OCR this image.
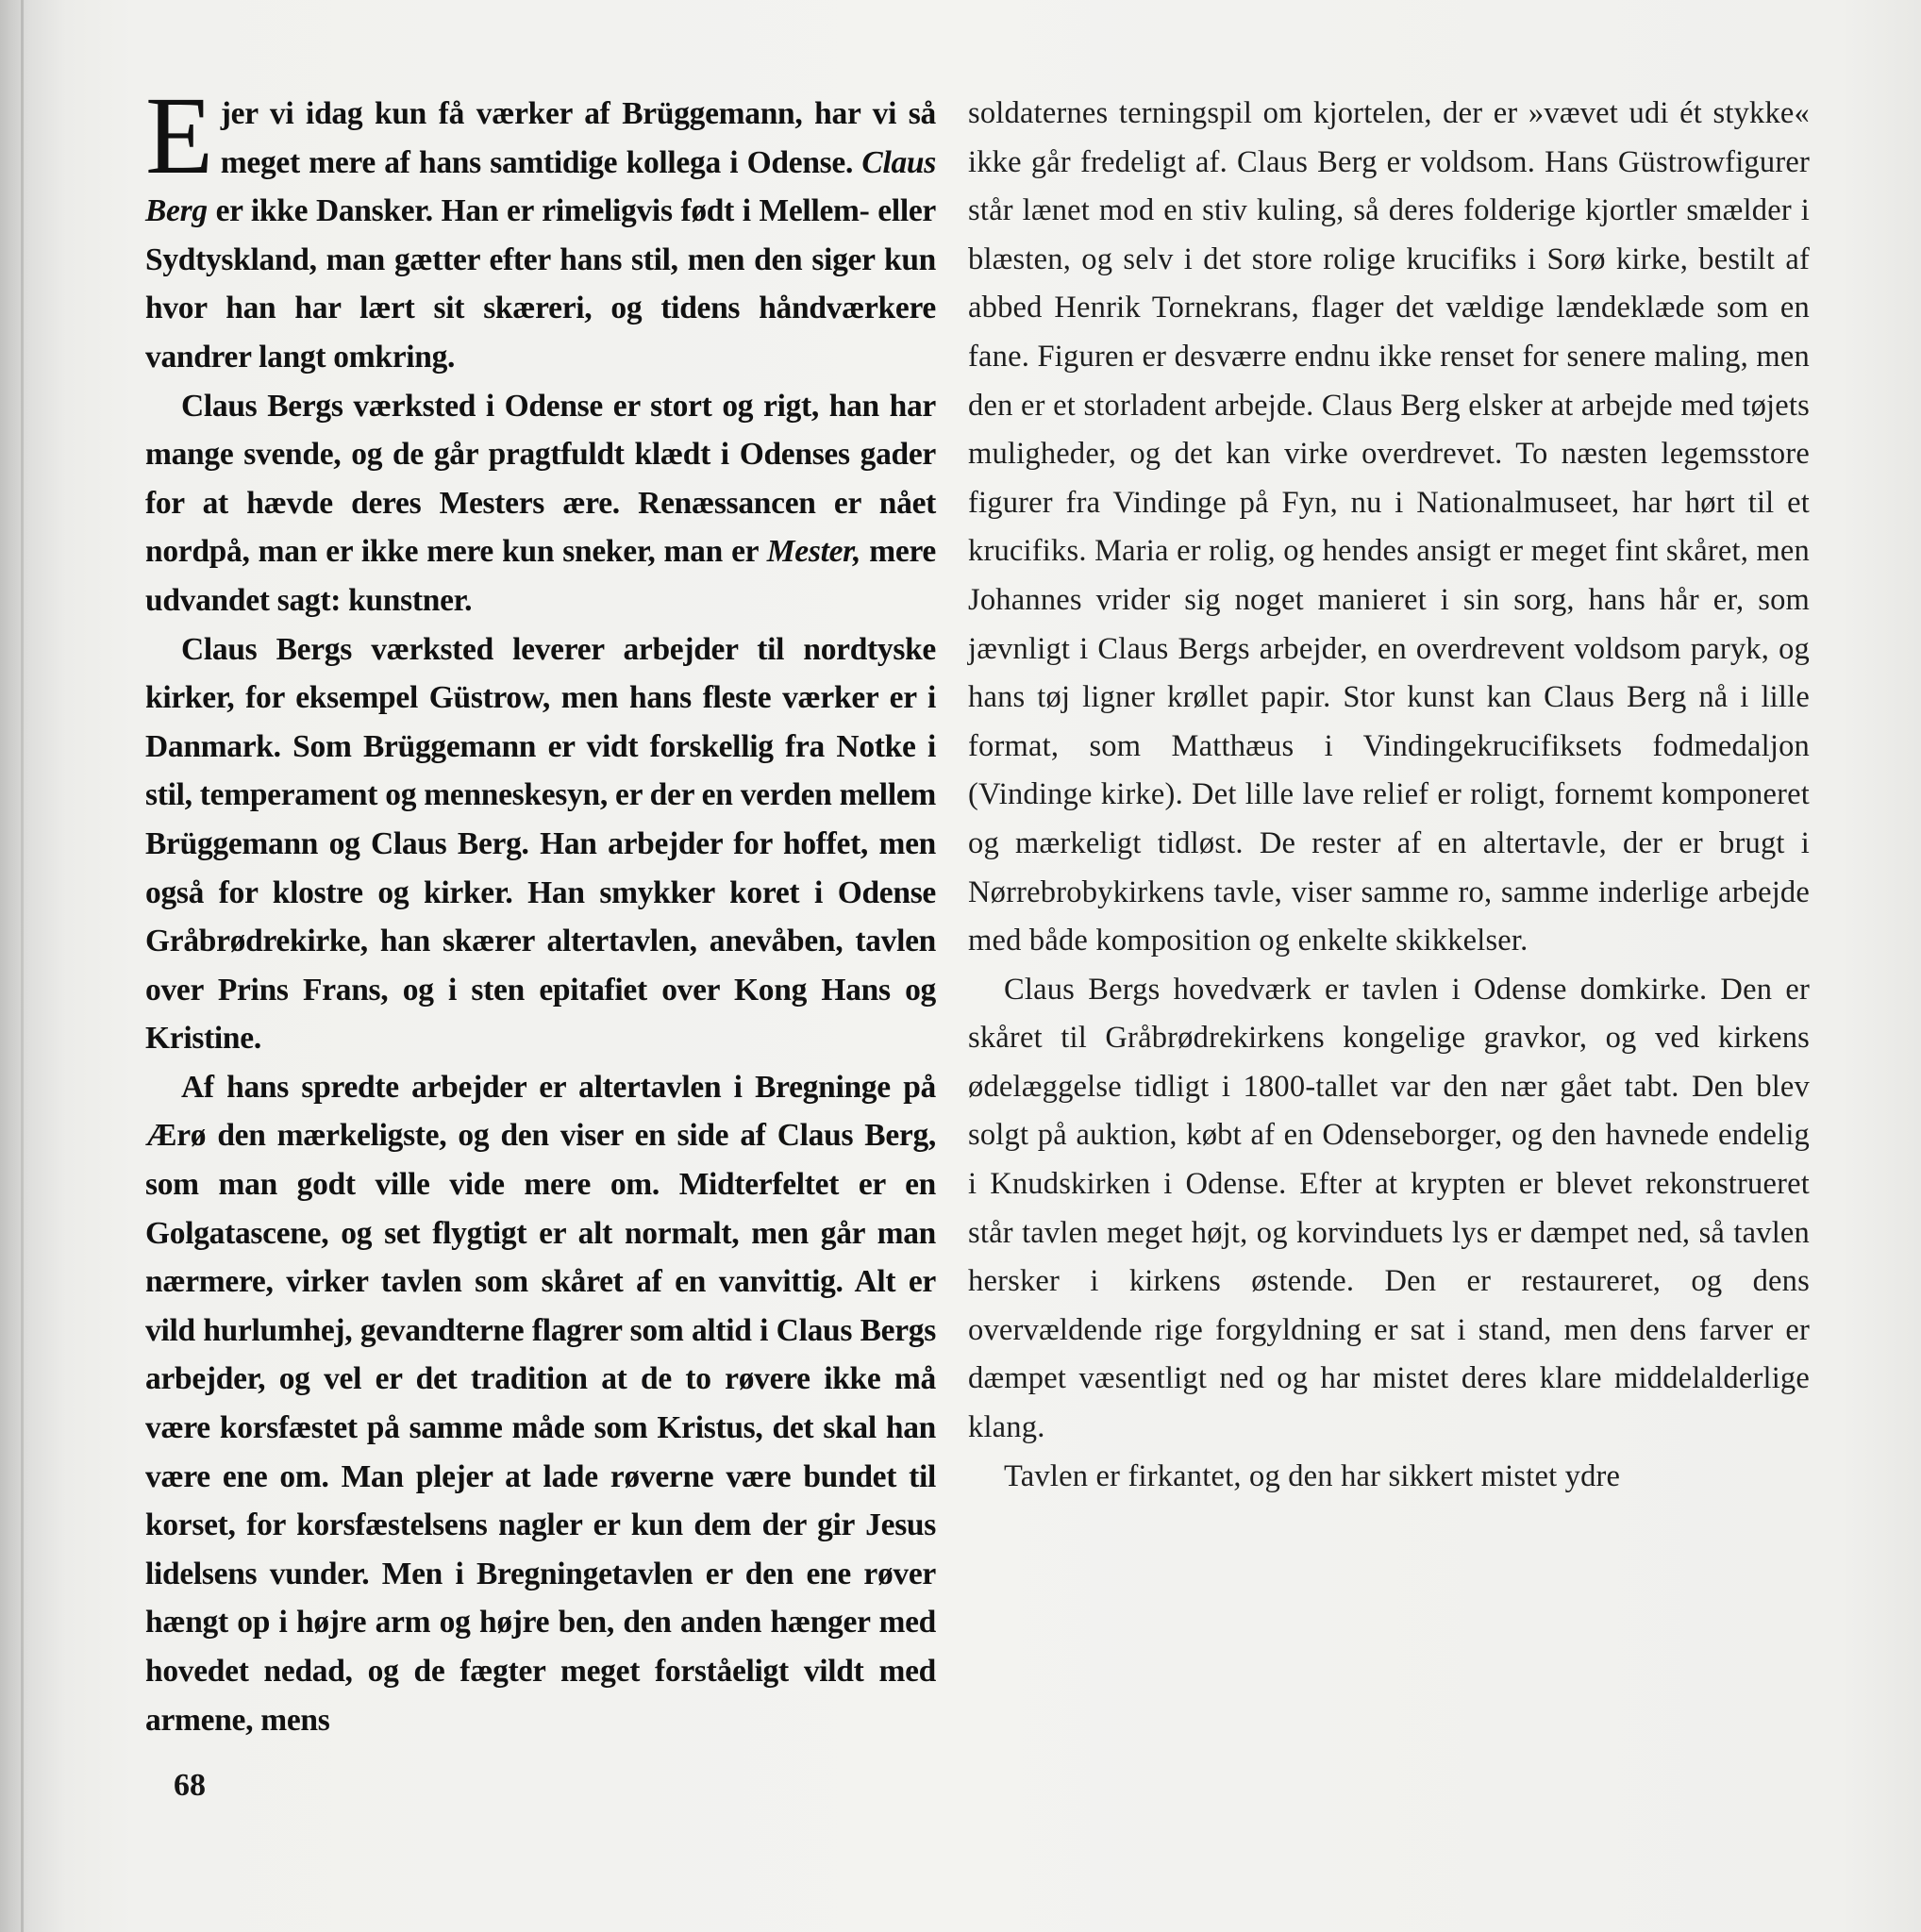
Ejer vi idag kun få værker af Brüggemann, har vi så meget mere af hans samtidige kollega i Odense. Claus Berg er ikke Dansker. Han er rimeligvis født i Mellem- eller Sydtyskland, man gætter efter hans stil, men den siger kun hvor han har lært sit skæreri, og tidens håndværkere vandrer langt omkring.

Claus Bergs værksted i Odense er stort og rigt, han har mange svende, og de går pragtfuldt klædt i Odenses gader for at hævde deres Mesters ære. Renæssancen er nået nordpå, man er ikke mere kun sneker, man er Mester, mere udvandet sagt: kunstner.

Claus Bergs værksted leverer arbejder til nordtyske kirker, for eksempel Güstrow, men hans fleste værker er i Danmark. Som Brüggemann er vidt forskellig fra Notke i stil, temperament og menneskesyn, er der en verden mellem Brüggemann og Claus Berg. Han arbejder for hoffet, men også for klostre og kirker. Han smykker koret i Odense Gråbrødrekirke, han skærer altertavlen, anevåben, tavlen over Prins Frans, og i sten epitafiet over Kong Hans og Kristine.

Af hans spredte arbejder er altertavlen i Bregninge på Ærø den mærkeligste, og den viser en side af Claus Berg, som man godt ville vide mere om. Midterfeltet er en Golgatascene, og set flygtigt er alt normalt, men går man nærmere, virker tavlen som skåret af en vanvittig. Alt er vild hurlumhej, gevandterne flagrer som altid i Claus Bergs arbejder, og vel er det tradition at de to røvere ikke må være korsfæstet på samme måde som Kristus, det skal han være ene om. Man plejer at lade røverne være bundet til korset, for korsfæstelsens nagler er kun dem der gir Jesus lidelsens vunder. Men i Bregningetavlen er den ene røver hængt op i højre arm og højre ben, den anden hænger med hovedet nedad, og de fægter meget forståeligt vildt med armene, mens

soldaternes terningspil om kjortelen, der er »vævet udi ét stykke« ikke går fredeligt af. Claus Berg er voldsom. Hans Güstrowfigurer står lænet mod en stiv kuling, så deres folderige kjortler smælder i blæsten, og selv i det store rolige krucifiks i Sorø kirke, bestilt af abbed Henrik Tornekrans, flager det vældige lændeklæde som en fane. Figuren er desværre endnu ikke renset for senere maling, men den er et storladent arbejde. Claus Berg elsker at arbejde med tøjets muligheder, og det kan virke overdrevet. To næsten legemsstore figurer fra Vindinge på Fyn, nu i Nationalmuseet, har hørt til et krucifiks. Maria er rolig, og hendes ansigt er meget fint skåret, men Johannes vrider sig noget manieret i sin sorg, hans hår er, som jævnligt i Claus Bergs arbejder, en overdrevent voldsom paryk, og hans tøj ligner krøllet papir. Stor kunst kan Claus Berg nå i lille format, som Matthæus i Vindingekrucifiksets fodmedaljon (Vindinge kirke). Det lille lave relief er roligt, fornemt komponeret og mærkeligt tidløst. De rester af en altertavle, der er brugt i Nørrebrobykirkens tavle, viser samme ro, samme inderlige arbejde med både komposition og enkelte skikkelser.

Claus Bergs hovedværk er tavlen i Odense domkirke. Den er skåret til Gråbrødrekirkens kongelige gravkor, og ved kirkens ødelæggelse tidligt i 1800-tallet var den nær gået tabt. Den blev solgt på auktion, købt af en Odenseborger, og den havnede endelig i Knudskirken i Odense. Efter at krypten er blevet rekonstrueret står tavlen meget højt, og korvinduets lys er dæmpet ned, så tavlen hersker i kirkens østende. Den er restaureret, og dens overvældende rige forgyldning er sat i stand, men dens farver er dæmpet væsentligt ned og har mistet deres klare middelalderlige klang.

Tavlen er firkantet, og den har sikkert mistet ydre

68
